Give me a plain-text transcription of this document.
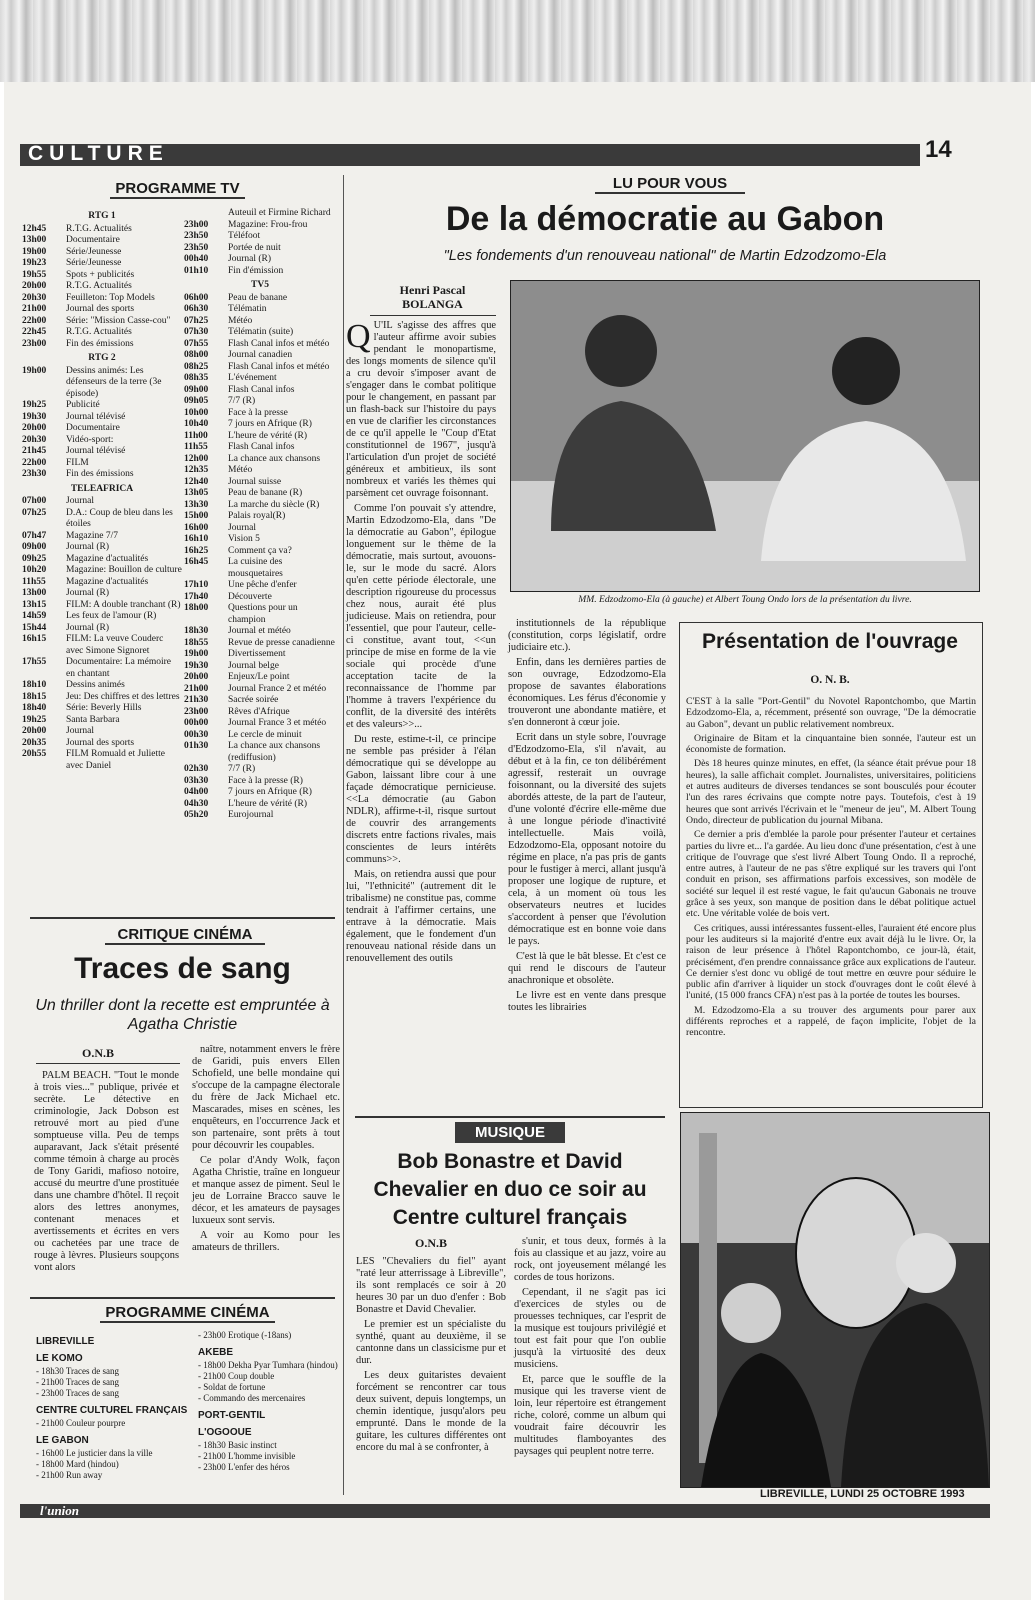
CULTURE	14
PROGRAMME TV
RTG 1
12h45	R.T.G. Actualités
13h00	Documentaire
19h00	Série/Jeunesse
19h23	Série/Jeunesse
19h55	Spots + publicités
20h00	R.T.G. Actualités
20h30	Feuilleton: Top Models
21h00	Journal des sports
22h00	Série: "Mission Casse-cou"
22h45	R.T.G. Actualités
23h00	Fin des émissions
RTG 2
19h00	Dessins animés: Les défenseurs de la terre (3e épisode)
19h25	Publicité
19h30	Journal télévisé
20h00	Documentaire
20h30	Vidéo-sport:
21h45	Journal télévisé
22h00	FILM
23h30	Fin des émissions
TELEAFRICA
07h00	Journal
07h25	D.A.: Coup de bleu dans les étoiles
07h47	Magazine 7/7
09h00	Journal (R)
09h25	Magazine d'actualités
10h20	Magazine: Bouillon de culture
11h55	Magazine d'actualités
13h00	Journal (R)
13h15	FILM: A double tranchant (R)
14h59	Les feux de l'amour (R)
15h44	Journal (R)
16h15	FILM: La veuve Couderc avec Simone Signoret
17h55	Documentaire: La mémoire en chantant
18h10	Dessins animés
18h15	Jeu: Des chiffres et des lettres
18h40	Série: Beverly Hills
19h25	Santa Barbara
20h00	Journal
20h35	Journal des sports
20h55	FILM Romuald et Juliette avec Daniel
Auteuil et Firmine Richard
23h00	Magazine: Frou-frou
23h50	Téléfoot
23h50	Portée de nuit
00h40	Journal (R)
01h10	Fin d'émission
TV5
06h00	Peau de banane
06h30	Télématin
07h25	Météo
07h30	Télématin (suite)
07h55	Flash Canal infos et météo
08h00	Journal canadien
08h25	Flash Canal infos et météo
08h35	L'événement
09h00	Flash Canal infos
09h05	7/7 (R)
10h00	Face à la presse
10h40	7 jours en Afrique (R)
11h00	L'heure de vérité (R)
11h55	Flash Canal infos
12h00	La chance aux chansons
12h35	Météo
12h40	Journal suisse
13h05	Peau de banane (R)
13h30	La marche du siècle (R)
15h00	Palais royal(R)
16h00	Journal
16h10	Vision 5
16h25	Comment ça va?
16h45	La cuisine des mousquetaires
17h10	Une pêche d'enfer
17h40	Découverte
18h00	Questions pour un champion
18h30	Journal et météo
18h55	Revue de presse canadienne
19h00	Divertissement
19h30	Journal belge
20h00	Enjeux/Le point
21h00	Journal France 2 et météo
21h30	Sacrée soirée
23h00	Rêves d'Afrique
00h00	Journal France 3 et météo
00h30	Le cercle de minuit
01h30	La chance aux chansons (rediffusion)
02h30	7/7 (R)
03h30	Face à la presse (R)
04h00	7 jours en Afrique (R)
04h30	L'heure de vérité (R)
05h20	Eurojournal
CRITIQUE CINÉMA
Traces de sang
Un thriller dont la recette est empruntée à Agatha Christie
O.N.B

PALM BEACH. "Tout le monde à trois vies..." publique, privée et secrète. Le détective en criminologie, Jack Dobson est retrouvé mort au pied d'une somptueuse villa. Peu de temps auparavant, Jack s'était présenté comme témoin à charge au procès de Tony Garidi, mafioso notoire, accusé du meurtre d'une prostituée dans une chambre d'hôtel. Il reçoit alors des lettres anonymes, contenant menaces et avertissements et écrites en vers ou cachetées par une trace de rouge à lèvres. Plusieurs soupçons vont alors

naître, notamment envers le frère de Garidi, puis envers Ellen Schofield, une belle mondaine qui s'occupe de la campagne électorale du frère de Jack Michael etc. Mascarades, mises en scènes, les enquêteurs, en l'occurrence Jack et son partenaire, sont prêts à tout pour découvrir les coupables.

Ce polar d'Andy Wolk, façon Agatha Christie, traîne en longueur et manque assez de piment. Seul le jeu de Lorraine Bracco sauve le décor, et les amateurs de paysages luxueux sont servis.

A voir au Komo pour les amateurs de thrillers.

PROGRAMME CINÉMA
LIBREVILLE
LE KOMO
- 18h30 Traces de sang
- 21h00 Traces de sang
- 23h00 Traces de sang
CENTRE CULTUREL FRANÇAIS
- 21h00 Couleur pourpre
LE GABON
- 16h00 Le justicier dans la ville
- 18h00 Mard (hindou)
- 21h00 Run away
- 23h00 Erotique (-18ans)
AKEBE
- 18h00 Dekha Pyar Tumhara (hindou)
- 21h00 Coup double
- Soldat de fortune
- Commando des mercenaires
PORT-GENTIL
L'OGOOUE
- 18h30 Basic instinct
- 21h00 L'homme invisible
- 23h00 L'enfer des héros
LU POUR VOUS
De la démocratie au Gabon
"Les fondements d'un renouveau national" de Martin Edzodzomo-Ela
Henri Pascal
BOLANGA
MM. Edzodzomo-Ela (à gauche) et Albert Toung Ondo lors de la présentation du livre.

Q U'IL s'agisse des affres que l'auteur affirme avoir subies pendant le monopartisme, des longs moments de silence qu'il a cru devoir s'imposer avant de s'engager dans le combat politique pour le changement, en passant par un flash-back sur l'histoire du pays en vue de clarifier les circonstances de ce qu'il appelle le "Coup d'Etat constitutionnel de 1967", jusqu'à l'articulation d'un projet de société généreux et ambitieux, ils sont nombreux et variés les thèmes qui parsèment cet ouvrage foisonnant.

Comme l'on pouvait s'y attendre, Martin Edzodzomo-Ela, dans "De la démocratie au Gabon", épilogue longuement sur le thème de la démocratie, mais surtout, avouons-le, sur le mode du sacré. Alors qu'en cette période électorale, une description rigoureuse du processus chez nous, aurait été plus judicieuse. Mais on retiendra, pour l'essentiel, que pour l'auteur, celle-ci constitue, avant tout, <<un principe de mise en forme de la vie sociale qui procède d'une acceptation tacite de la reconnaissance de l'homme par l'homme à travers l'expérience du conflit, de la diversité des intérêts et des valeurs>>...

Du reste, estime-t-il, ce principe ne semble pas présider à l'élan démocratique qui se développe au Gabon, laissant libre cour à une façade démocratique pernicieuse. <<La démocratie (au Gabon NDLR), affirme-t-il, risque surtout de couvrir des arrangements discrets entre factions rivales, mais conscientes de leurs intérêts communs>>.

Mais, on retiendra aussi que pour lui, "l'ethnicité" (autrement dit le tribalisme) ne constitue pas, comme tendrait à l'affirmer certains, une entrave à la démocratie. Mais également, que le fondement d'un renouveau national réside dans un renouvellement des outils

institutionnels de la république (constitution, corps législatif, ordre judiciaire etc.).

Enfin, dans les dernières parties de son ouvrage, Edzodzomo-Ela propose de savantes élaborations économiques. Les férus d'économie y trouveront une abondante matière, et s'en donneront à cœur joie.

Ecrit dans un style sobre, l'ouvrage d'Edzodzomo-Ela, s'il n'avait, au début et à la fin, ce ton délibérément agressif, resterait un ouvrage foisonnant, ou la diversité des sujets abordés atteste, de la part de l'auteur, d'une volonté d'écrire elle-même due à une longue période d'inactivité intellectuelle. Mais voilà, Edzodzomo-Ela, opposant notoire du régime en place, n'a pas pris de gants pour le fustiger à merci, allant jusqu'à proposer une logique de rupture, et cela, à un moment où tous les observateurs neutres et lucides s'accordent à penser que l'évolution démocratique est en bonne voie dans le pays.

C'est là que le bât blesse. Et c'est ce qui rend le discours de l'auteur anachronique et obsolète.

Le livre est en vente dans presque toutes les librairies

Présentation de l'ouvrage
O. N. B.

C'EST à la salle "Port-Gentil" du Novotel Rapontchombo, que Martin Edzodzomo-Ela, a, récemment, présenté son ouvrage, "De la démocratie au Gabon", devant un public relativement nombreux.

Originaire de Bitam et la cinquantaine bien sonnée, l'auteur est un économiste de formation.

Dès 18 heures quinze minutes, en effet, (la séance était prévue pour 18 heures), la salle affichait complet. Journalistes, universitaires, politiciens et autres auditeurs de diverses tendances se sont bousculés pour écouter l'un des rares écrivains que compte notre pays. Toutefois, c'est à 19 heures que sont arrivés l'écrivain et le "meneur de jeu", M. Albert Toung Ondo, directeur de publication du journal Mibana.

Ce dernier a pris d'emblée la parole pour présenter l'auteur et certaines parties du livre et... l'a gardée. Au lieu donc d'une présentation, c'est à une critique de l'ouvrage que s'est livré Albert Toung Ondo. Il a reproché, entre autres, à l'auteur de ne pas s'être expliqué sur les travers qui l'ont conduit en prison, ses affirmations parfois excessives, son modèle de société sur lequel il est resté vague, le fait qu'aucun Gabonais ne trouve grâce à ses yeux, son manque de position dans le débat politique actuel etc. Une véritable volée de bois vert.

Ces critiques, aussi intéressantes fussent-elles, l'auraient été encore plus pour les auditeurs si la majorité d'entre eux avait déjà lu le livre. Or, la raison de leur présence à l'hôtel Rapontchombo, ce jour-là, était, précisément, d'en prendre connaissance grâce aux explications de l'auteur. Ce dernier s'est donc vu obligé de tout mettre en œuvre pour séduire le public afin d'arriver à liquider un stock d'ouvrages dont le coût élevé à l'unité, (15 000 francs CFA) n'est pas à la portée de toutes les bourses.

M. Edzodzomo-Ela a su trouver des arguments pour parer aux différents reproches et a rappelé, de façon implicite, l'objet de la rencontre.

MUSIQUE
Bob Bonastre et David Chevalier en duo ce soir au Centre culturel français
O.N.B

LES "Chevaliers du fiel" ayant "raté leur atterrissage à Libreville", ils sont remplacés ce soir à 20 heures 30 par un duo d'enfer : Bob Bonastre et David Chevalier.

Le premier est un spécialiste du synthé, quant au deuxième, il se cantonne dans un classicisme pur et dur.

Les deux guitaristes devaient forcément se rencontrer car tous deux suivent, depuis longtemps, un chemin identique, jusqu'alors peu emprunté. Dans le monde de la guitare, les cultures différentes ont encore du mal à se confronter, à

s'unir, et tous deux, formés à la fois au classique et au jazz, voire au rock, ont joyeusement mélangé les cordes de tous horizons.

Cependant, il ne s'agit pas ici d'exercices de styles ou de prouesses techniques, car l'esprit de la musique est toujours privilégié et tout est fait pour que l'on oublie jusqu'à la virtuosité des deux musiciens.

Et, parce que le souffle de la musique qui les traverse vient de loin, leur répertoire est étrangement riche, coloré, comme un album qui voudrait faire découvrir les multitudes flamboyantes des paysages qui peuplent notre terre.

l'union
LIBREVILLE, LUNDI 25 OCTOBRE 1993
